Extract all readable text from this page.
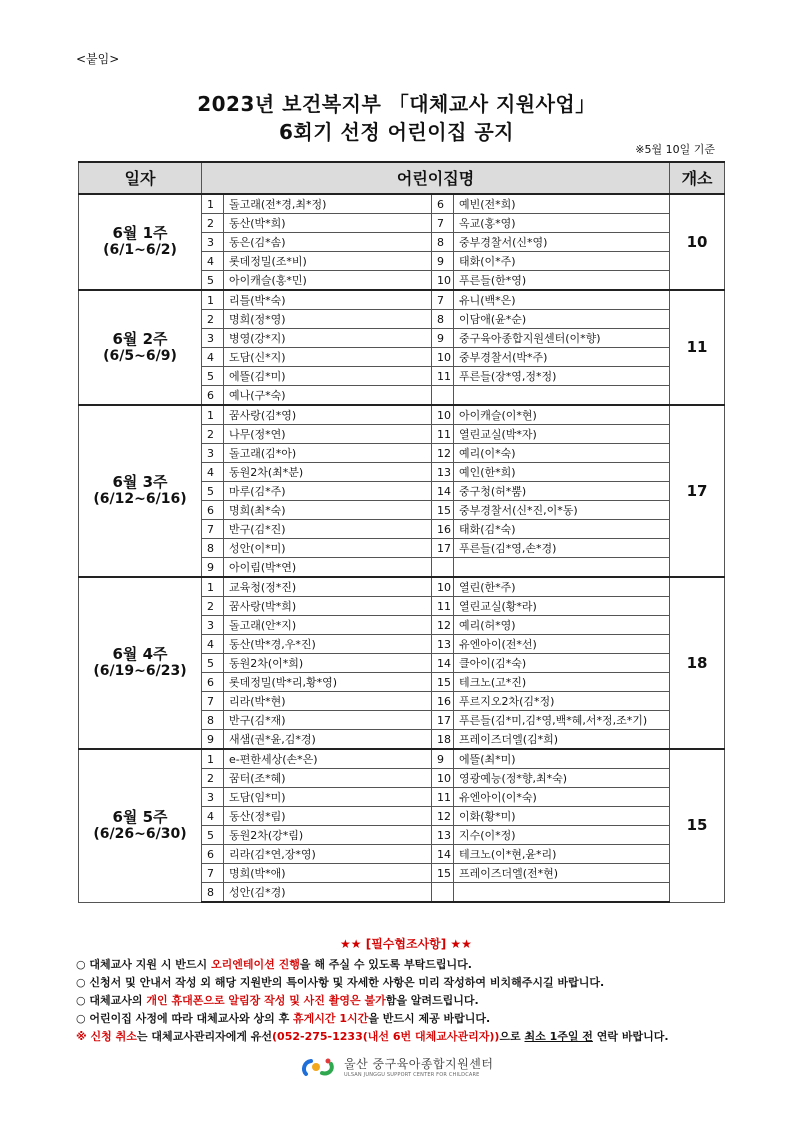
<붙임>
2023년 보건복지부 「대체교사 지원사업」
6회기 선정 어린이집 공지
※5월 10일 기준
일자	어린이집명				개소

6월 1주
(6/1~6/2)	1	돌고래(전*경,최*정)	6	예빈(전*희)	10
	2	동산(박*희)	7	옥교(홍*영)	
	3	동은(김*솜)	8	중부경찰서(신*영)	
	4	롯데정밀(조*비)	9	태화(이*주)	
	5	아이캐슬(홍*민)	10	푸른들(한*영)	

6월 2주
(6/5~6/9)	1	리틀(박*숙)	7	유니(백*은)	11
	2	명희(정*영)	8	이담애(윤*순)	
	3	병영(강*지)	9	중구육아종합지원센터(이*향)	
	4	도담(신*지)	10	중부경찰서(박*주)	
	5	에뜰(김*미)	11	푸른들(장*영,정*정)	
	6	예나(구*숙)			

6월 3주
(6/12~6/16)	1	꿈사랑(김*영)	10	아이캐슬(이*현)	17
	2	나무(정*연)	11	열린교실(박*자)	
	3	돌고래(김*아)	12	예리(이*숙)	
	4	동원2차(최*분)	13	예인(한*희)	
	5	마루(김*주)	14	중구청(허*뿜)	
	6	명희(최*숙)	15	중부경찰서(신*진,이*동)	
	7	반구(김*진)	16	태화(김*숙)	
	8	성안(이*미)	17	푸른들(김*영,손*경)	
	9	아이림(박*연)			

6월 4주
(6/19~6/23)	1	교육청(정*진)	10	열린(한*주)	18
	2	꿈사랑(박*희)	11	열린교실(황*라)	
	3	돌고래(안*지)	12	예리(허*영)	
	4	동산(박*경,우*진)	13	유엔아이(전*선)	
	5	동원2차(이*희)	14	클아이(김*숙)	
	6	롯데정밀(박*리,황*영)	15	테크노(고*진)	
	7	리라(박*현)	16	푸르지오2차(김*정)	
	8	반구(김*재)	17	푸른들(김*미,김*영,백*혜,서*정,조*기)	
	9	새샘(권*윤,김*경)	18	프레이즈더엘(김*희)	

6월 5주
(6/26~6/30)	1	e-편한세상(손*은)	9	에뜰(최*미)	15
	2	꿈터(조*혜)	10	영광예능(정*향,최*숙)	
	3	도담(임*미)	11	유엔아이(이*숙)	
	4	동산(정*림)	12	이화(황*미)	
	5	동원2차(강*림)	13	지수(이*정)	
	6	리라(김*연,장*영)	14	테크노(이*현,윤*리)	
	7	명희(박*애)	15	프레이즈더엘(전*현)	
	8	성안(김*경)			
★★ [필수협조사항] ★★
○ 대체교사 지원 시 반드시 오리엔테이션 진행을 해 주실 수 있도록 부탁드립니다.
○ 신청서 및 안내서 작성 외 해당 지원반의 특이사항 및 자세한 사항은 미리 작성하여 비치해주시길 바랍니다.
○ 대체교사의 개인 휴대폰으로 알림장 작성 및 사진 촬영은 불가함을 알려드립니다.
○ 어린이집 사정에 따라 대체교사와 상의 후 휴게시간 1시간을 반드시 제공 바랍니다.
※ 신청 취소는 대체교사관리자에게 유선(052-275-1233(내선 6번 대체교사관리자))으로 최소 1주일 전 연락 바랍니다.
울산 중구육아종합지원센터
ULSAN JUNGGU SUPPORT CENTER FOR CHILDCARE
